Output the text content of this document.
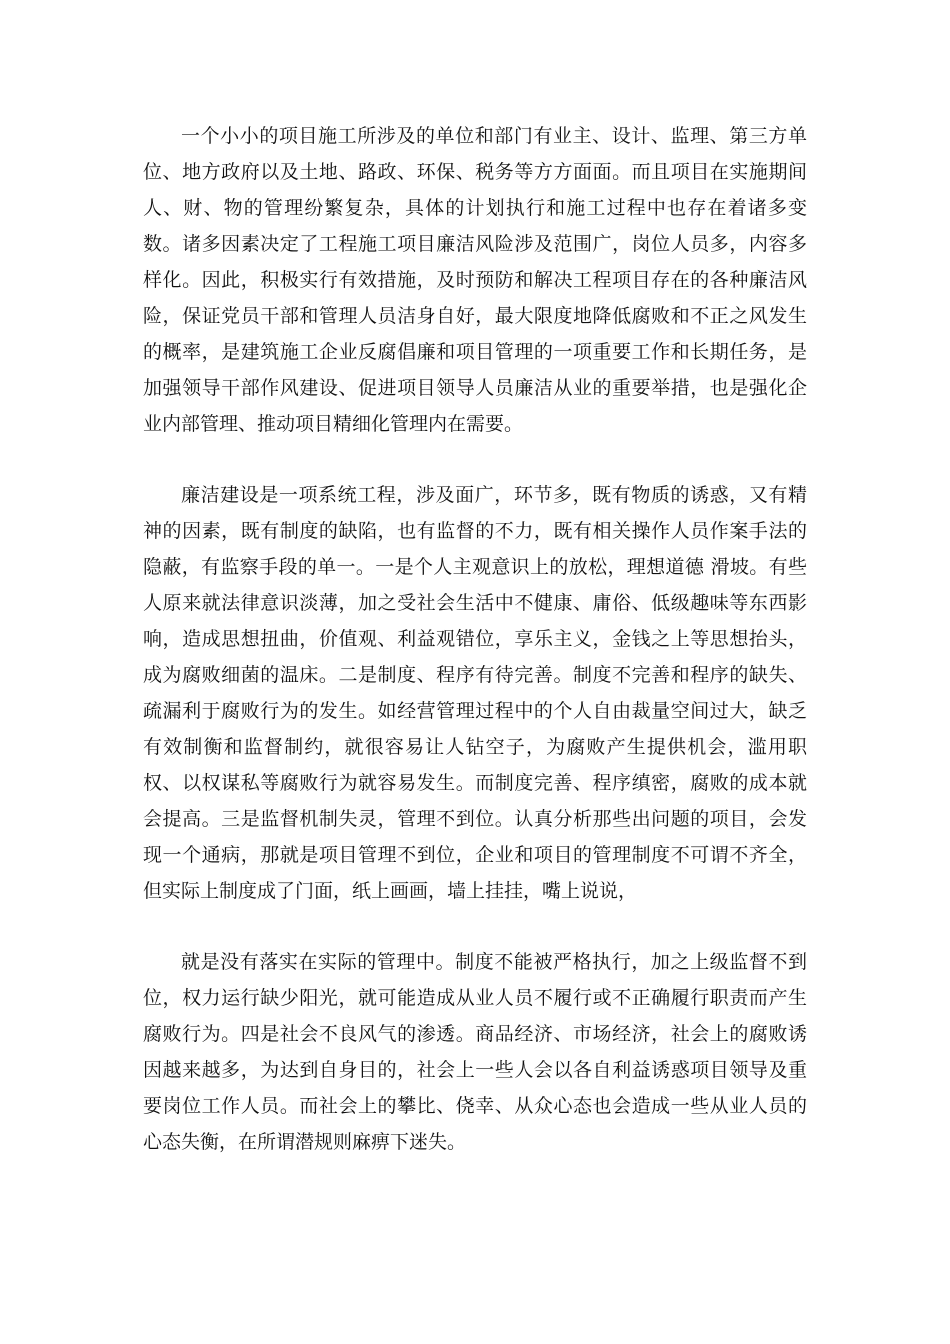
一个小小的项目施工所涉及的单位和部门有业主、设计、监理、第三方单位、地方政府以及土地、路政、环保、税务等方方面面。而且项目在实施期间人、财、物的管理纷繁复杂，具体的计划执行和施工过程中也存在着诸多变数。诸多因素决定了工程施工项目廉洁风险涉及范围广，岗位人员多，内容多样化。因此，积极实行有效措施，及时预防和解决工程项目存在的各种廉洁风险，保证党员干部和管理人员洁身自好，最大限度地降低腐败和不正之风发生的概率，是建筑施工企业反腐倡廉和项目管理的一项重要工作和长期任务，是加强领导干部作风建设、促进项目领导人员廉洁从业的重要举措，也是强化企业内部管理、推动项目精细化管理内在需要。

廉洁建设是一项系统工程，涉及面广，环节多，既有物质的诱惑，又有精神的因素，既有制度的缺陷，也有监督的不力，既有相关操作人员作案手法的隐蔽，有监察手段的单一。一是个人主观意识上的放松，理想道德 滑坡。有些人原来就法律意识淡薄，加之受社会生活中不健康、庸俗、低级趣味等东西影响，造成思想扭曲，价值观、利益观错位，享乐主义，金钱之上等思想抬头，成为腐败细菌的温床。二是制度、程序有待完善。制度不完善和程序的缺失、疏漏利于腐败行为的发生。如经营管理过程中的个人自由裁量空间过大，缺乏有效制衡和监督制约，就很容易让人钻空子，为腐败产生提供机会，滥用职权、以权谋私等腐败行为就容易发生。而制度完善、程序缜密，腐败的成本就会提高。三是监督机制失灵，管理不到位。认真分析那些出问题的项目，会发现一个通病，那就是项目管理不到位，企业和项目的管理制度不可谓不齐全，但实际上制度成了门面，纸上画画，墙上挂挂，嘴上说说，

就是没有落实在实际的管理中。制度不能被严格执行，加之上级监督不到位，权力运行缺少阳光，就可能造成从业人员不履行或不正确履行职责而产生腐败行为。四是社会不良风气的渗透。商品经济、市场经济，社会上的腐败诱因越来越多，为达到自身目的，社会上一些人会以各自利益诱惑项目领导及重要岗位工作人员。而社会上的攀比、侥幸、从众心态也会造成一些从业人员的心态失衡，在所谓潜规则麻痹下迷失。
